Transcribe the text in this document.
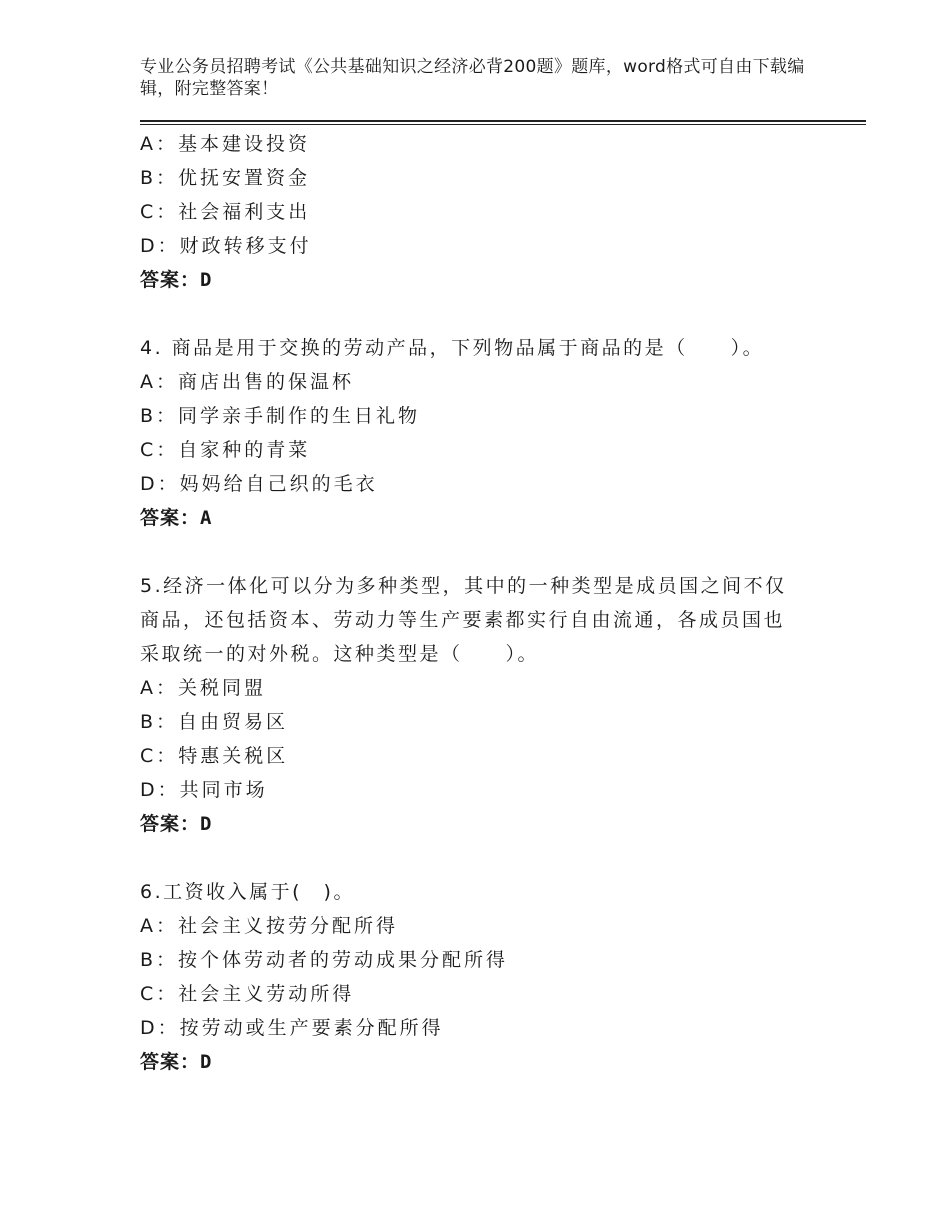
专业公务员招聘考试《公共基础知识之经济必背200题》题库，word格式可自由下载编辑，附完整答案！
A：基本建设投资
B：优抚安置资金
C：社会福利支出
D：财政转移支付
答案：D
4. 商品是用于交换的劳动产品，下列物品属于商品的是（　　）。
A：商店出售的保温杯
B：同学亲手制作的生日礼物
C：自家种的青菜
D：妈妈给自己织的毛衣
答案：A
5.经济一体化可以分为多种类型，其中的一种类型是成员国之间不仅
商品，还包括资本、劳动力等生产要素都实行自由流通，各成员国也
采取统一的对外税。这种类型是（　　）。
A：关税同盟
B：自由贸易区
C：特惠关税区
D：共同市场
答案：D
6.工资收入属于(　)。
A：社会主义按劳分配所得
B：按个体劳动者的劳动成果分配所得
C：社会主义劳动所得
D：按劳动或生产要素分配所得
答案：D
